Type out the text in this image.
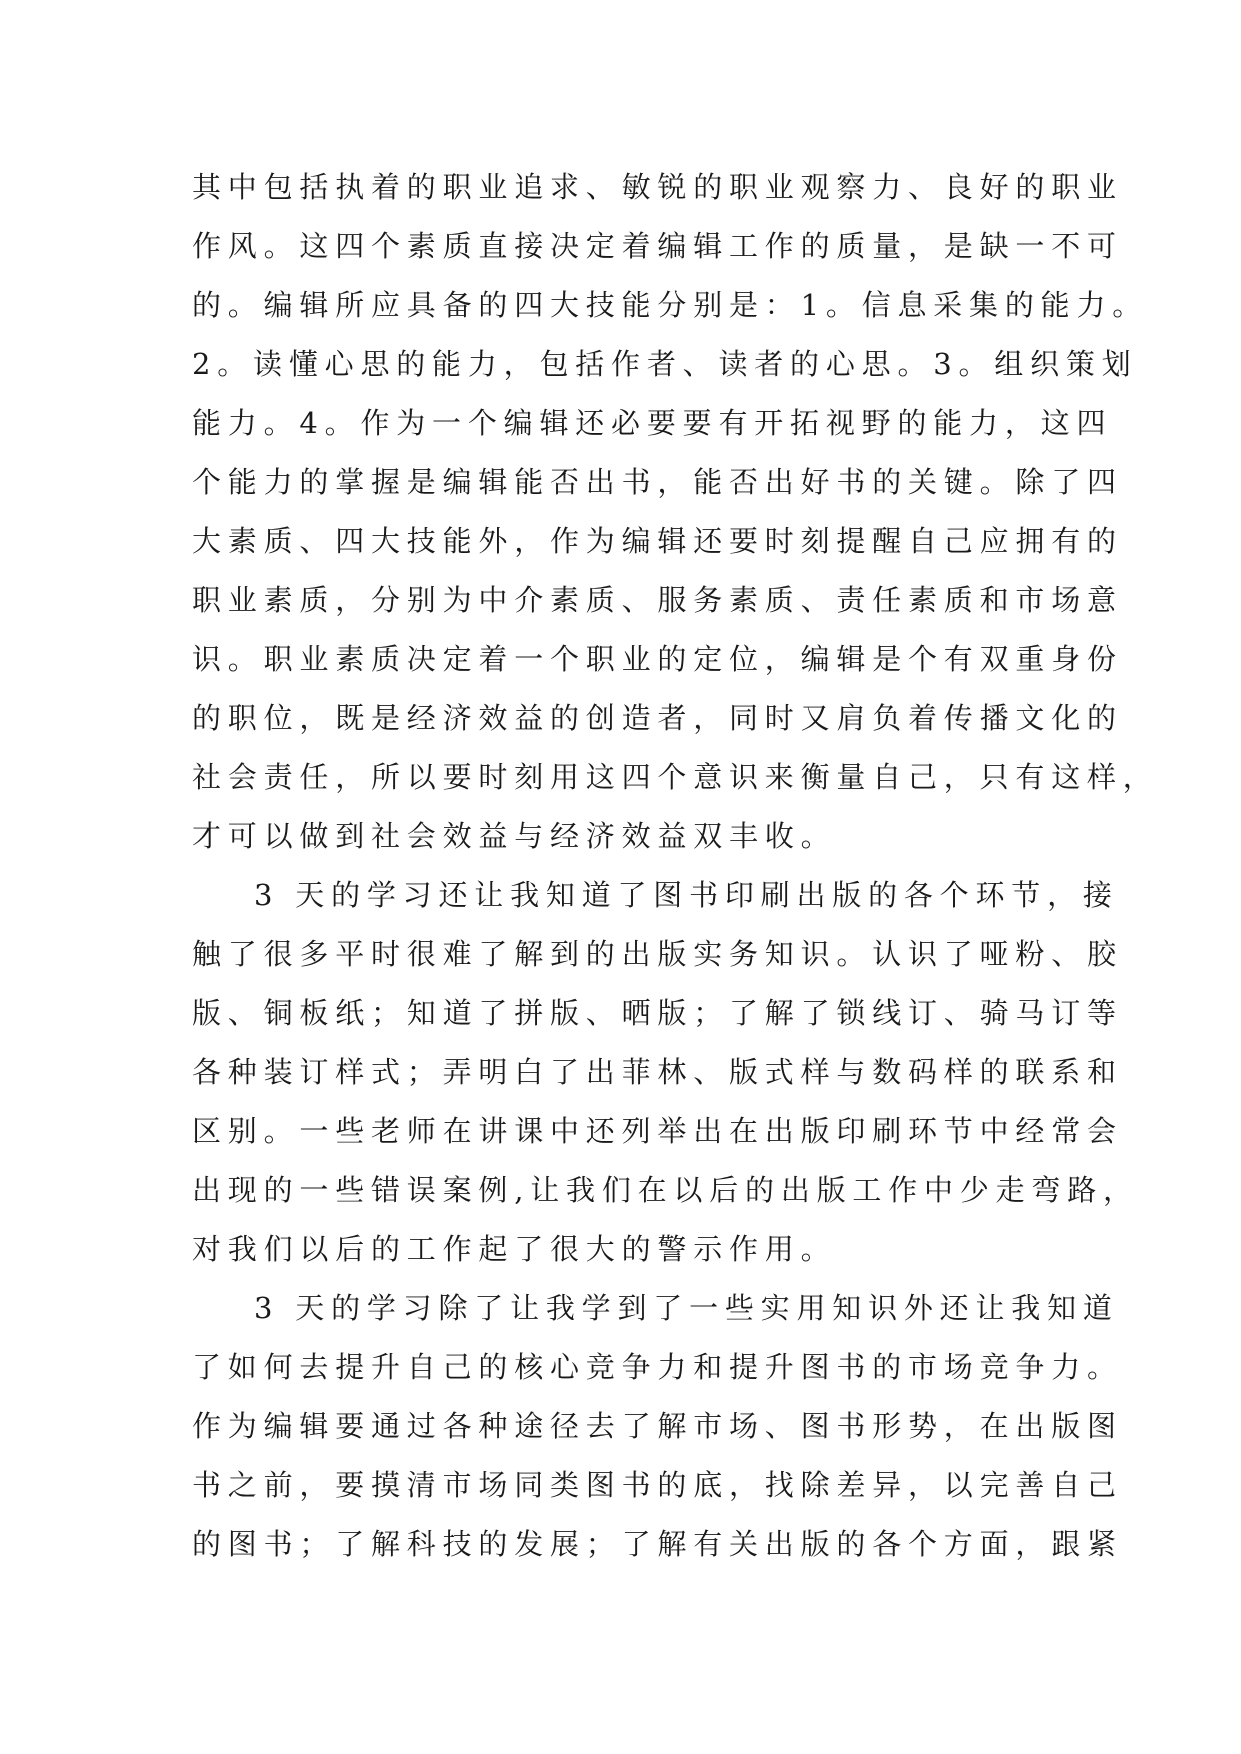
其中包括执着的职业追求、敏锐的职业观察力、良好的职业
作风。这四个素质直接决定着编辑工作的质量，是缺一不可
的。编辑所应具备的四大技能分别是：1。信息采集的能力。
2。读懂心思的能力，包括作者、读者的心思。3。组织策划
能力。4。作为一个编辑还必要要有开拓视野的能力，这四
个能力的掌握是编辑能否出书，能否出好书的关键。除了四
大素质、四大技能外，作为编辑还要时刻提醒自己应拥有的
职业素质，分别为中介素质、服务素质、责任素质和市场意
识。职业素质决定着一个职业的定位，编辑是个有双重身份
的职位，既是经济效益的创造者，同时又肩负着传播文化的
社会责任，所以要时刻用这四个意识来衡量自己，只有这样，
才可以做到社会效益与经济效益双丰收。
3 天的学习还让我知道了图书印刷出版的各个环节，接
触了很多平时很难了解到的出版实务知识。认识了哑粉、胶
版、铜板纸；知道了拼版、晒版；了解了锁线订、骑马订等
各种装订样式；弄明白了出菲林、版式样与数码样的联系和
区别。一些老师在讲课中还列举出在出版印刷环节中经常会
出现的一些错误案例,让我们在以后的出版工作中少走弯路，
对我们以后的工作起了很大的警示作用。
3 天的学习除了让我学到了一些实用知识外还让我知道
了如何去提升自己的核心竞争力和提升图书的市场竞争力。
作为编辑要通过各种途径去了解市场、图书形势，在出版图
书之前，要摸清市场同类图书的底，找除差异，以完善自己
的图书；了解科技的发展；了解有关出版的各个方面，跟紧
